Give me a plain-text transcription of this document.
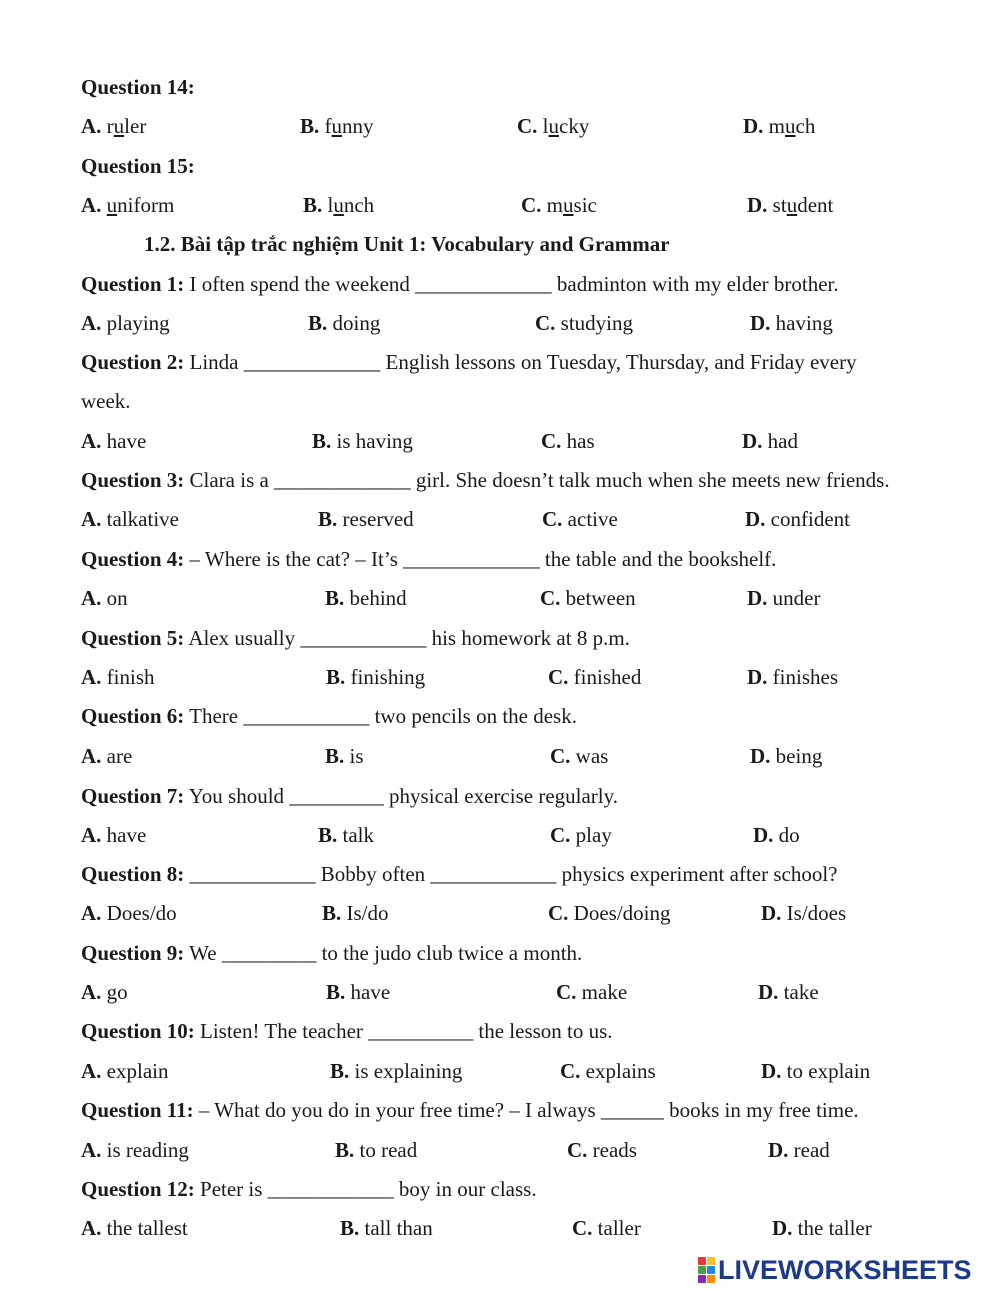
Question 14:
A. ruler	B. funny	C. lucky	D. much
Question 15:
A. uniform	B. lunch	C. music	D. student
1.2. Bài tập trắc nghiệm Unit 1: Vocabulary and Grammar
Question 1: I often spend the weekend _____________ badminton with my elder brother.
A. playing	B. doing	C. studying	D. having
Question 2: Linda _____________ English lessons on Tuesday, Thursday, and Friday every
week.
A. have	B. is having	C. has	D. had
Question 3: Clara is a _____________ girl. She doesn’t talk much when she meets new friends.
A. talkative	B. reserved	C. active	D. confident
Question 4: – Where is the cat? – It’s _____________ the table and the bookshelf.
A. on	B. behind	C. between	D. under
Question 5: Alex usually ____________ his homework at 8 p.m.
A. finish	B. finishing	C. finished	D. finishes
Question 6: There ____________ two pencils on the desk.
A. are	B. is	C. was	D. being
Question 7: You should _________ physical exercise regularly.
A. have	B. talk	C. play	D. do
Question 8: ____________ Bobby often ____________ physics experiment after school?
A. Does/do	B. Is/do	C. Does/doing	D. Is/does
Question 9: We _________ to the judo club twice a month.
A. go	B. have	C. make	D. take
Question 10: Listen! The teacher __________ the lesson to us.
A. explain	B. is explaining	C. explains	D. to explain
Question 11: – What do you do in your free time? – I always ______ books in my free time.
A. is reading	B. to read	C. reads	D. read
Question 12: Peter is ____________ boy in our class.
A. the tallest	B. tall than	C. taller	D. the taller
LIVEWORKSHEETS
